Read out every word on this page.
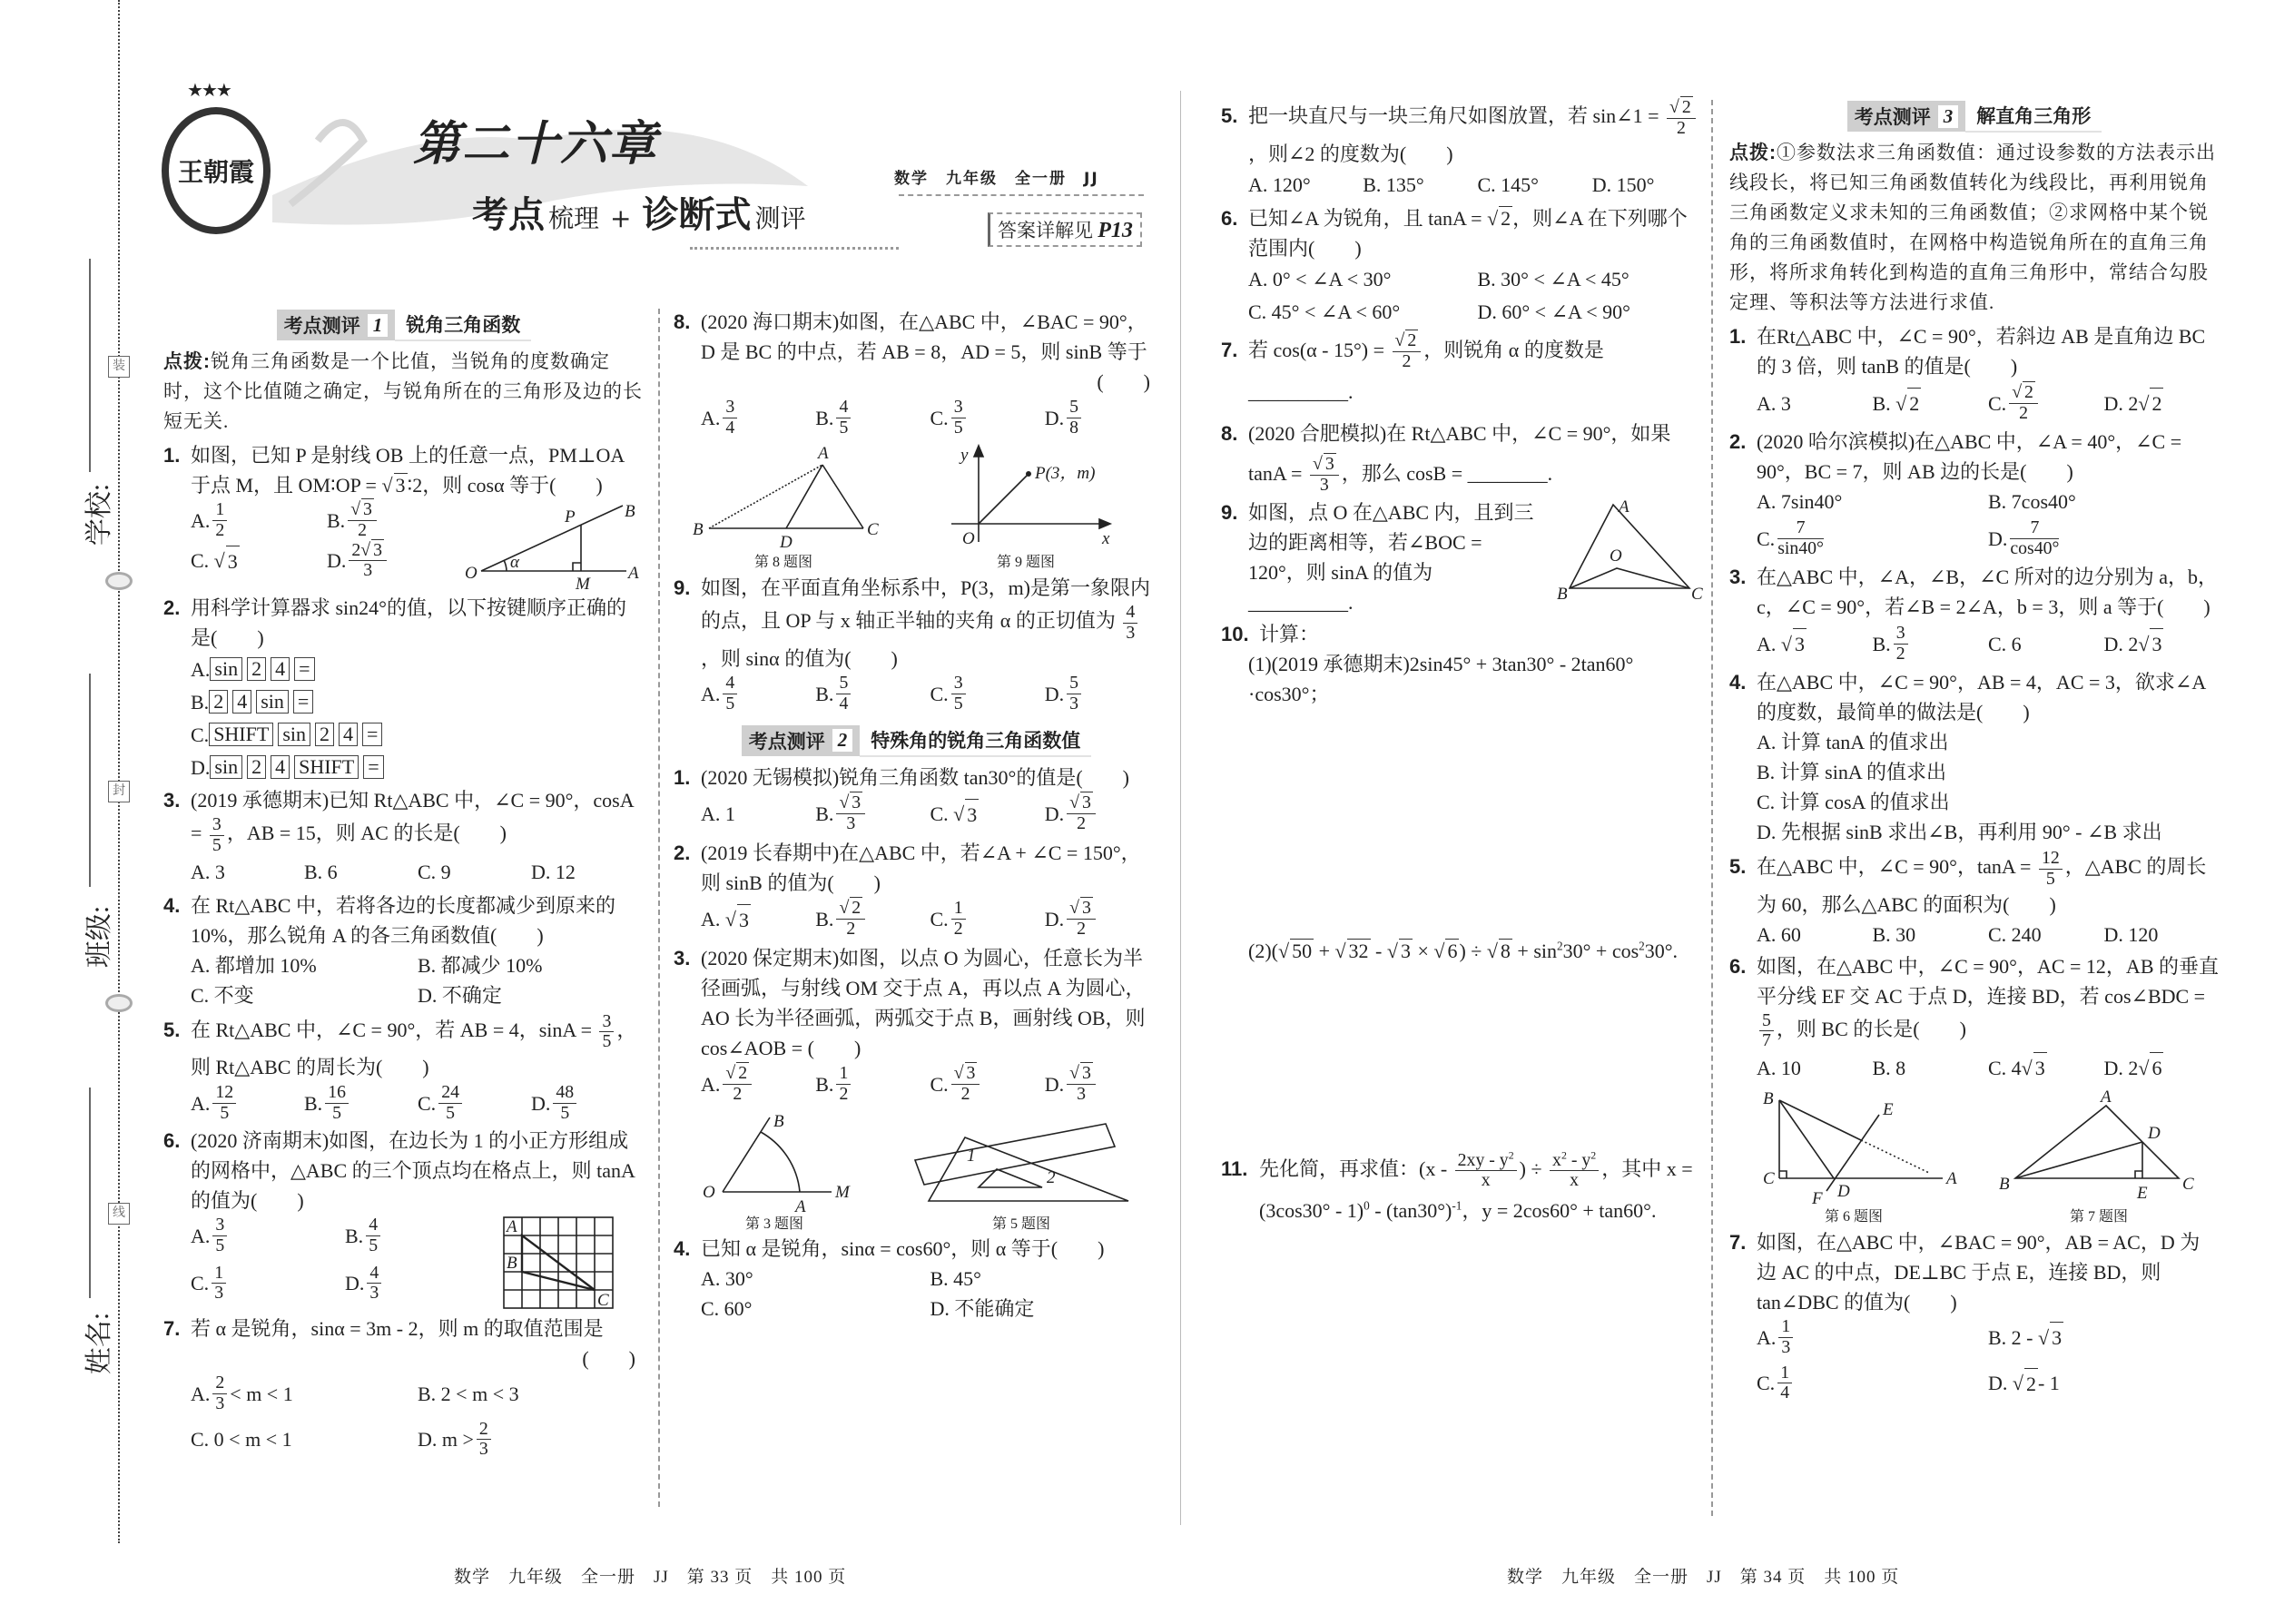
学校:
班级:
姓名:
装
封
线
★★★
王朝霞
第二十六章
考点 梳理 + 诊断式 测评
数学　九年级　全一册　JJ
答案详解见 P13
考点测评 1	锐角三角函数
点拨:锐角三角函数是一个比值，当锐角的度数确定时，这个比值随之确定，与锐角所在的三角形及边的长短无关.
1. 如图，已知 P 是射线 OB 上的任意一点，PM⊥OA 于点 M，且 OM∶OP = √ 3∶2，则 cosα 等于(　　)
A. $\frac{1}{2}$	B. $\frac{√ 3}{2}$
C. √ 3	D. $\frac{2√ 3}{3}$	O	A
M
P	B
α
2. 用科学计算器求 sin24°的值，以下按键顺序正确的是(　　)
A. sin 2 4 =
B. 2 4 sin =
C. SHIFT sin 2 4 =
D. sin 2 4 SHIFT =
3. (2019 承德期末)已知 Rt△ABC 中，∠C = 90°，$\cos A = \frac{3}{5}$ ，AB = 15，则 AC 的长是(　　)
A. 3	B. 6	C. 9	D. 12
4. 在 Rt△ABC 中，若将各边的长度都减少到原来的10%，那么锐角 A 的各三角函数值(　　)
A. 都增加 10%	B. 都减少 10%
C. 不变	D. 不确定
5. 在 Rt△ABC 中，∠C = 90°，若 AB = 4，$\sin A = \frac{3}{5}$ ，则 Rt△ABC 的周长为(　　)
A. $\frac{12}{5}$	B. $\frac{16}{5}$	C. $\frac{24}{5}$	D. $\frac{48}{5}$
6. (2020 济南期末)如图，在边长为 1 的小正方形组成的网格中，△ABC 的三个顶点均在格点上，则 tanA 的值为(　　)
A. $\frac{3}{5}$	B. $\frac{4}{5}$
C. $\frac{1}{3}$	D. $\frac{4}{3}$
A
B
C
7. 若 α 是锐角，sinα = 3m - 2，则 m 的取值范围是
(　　)
A. $\frac{2}{3} < m < 1$	B. 2 < m < 3
C. 0 < m < 1	D. $m > \frac{2}{3}$
8. (2020 海口期末)如图，在△ABC 中，∠BAC = 90°，D 是 BC 的中点，若 AB = 8，AD = 5，则 sinB 等于
(　　)
A. $\frac{3}{4}$	B. $\frac{4}{5}$	C. $\frac{3}{5}$	D. $\frac{5}{8}$
A
B	C
D
第 8 题图
y
x
O
P(3，m)
第 9 题图
9. 如图，在平面直角坐标系中，P(3，m)是第一象限内的点，且 OP 与 x 轴正半轴的夹角 α 的正切值为 $\frac{4}{3}$
，则 sinα 的值为(　　)
A. $\frac{4}{5}$	B. $\frac{5}{4}$	C. $\frac{3}{5}$	D. $\frac{5}{3}$
考点测评 2	特殊角的锐角三角函数值
1. (2020 无锡模拟)锐角三角函数 tan30°的值是(　　)
A. 1	B. $\frac{√ 3}{3}$	C. √ 3	D. $\frac{√ 3}{2}$
2. (2019 长春期中)在△ABC 中，若∠A + ∠C = 150°，则 sinB 的值为(　　)
A. √ 3	B. $\frac{√ 2}{2}$	C. $\frac{1}{2}$	D. $\frac{√ 3}{2}$
3. (2020 保定期末)如图，以点 O 为圆心，任意长为半径画弧，与射线 OM 交于点 A，再以点 A 为圆心，AO 长为半径画弧，两弧交于点 B，画射线 OB，则 cos∠AOB = (　　)
A. $\frac{√ 2}{2}$	B. $\frac{1}{2}$	C. $\frac{√ 3}{2}$	D. $\frac{√ 3}{3}$
O	M
A
B
第 3 题图
1
2
第 5 题图
4. 已知 α 是锐角，sinα = cos60°，则 α 等于(　　)
A. 30°	B. 45°
C. 60°	D. 不能确定
5. 把一块直尺与一块三角尺如图放置，若 sin∠1 = $\frac{√ 2}{2}$
，则∠2 的度数为(　　)
A. 120°	B. 135°	C. 145°	D. 150°
6. 已知∠A 为锐角，且 tanA = √ 2，则∠A 在下列哪个范围内(　　)
A. 0° < ∠A < 30°	B. 30° < ∠A < 45°
C. 45° < ∠A < 60°	D. 60° < ∠A < 90°
7. 若 $\cos(\alpha - 15^\circ) = \frac{√ 2}{2}$ ，则锐角 α 的度数是 __________.
8. (2020 合肥模拟)在 Rt△ABC 中，∠C = 90°，如果 $\tan A = \frac{√ 3}{3}$ ，那么 cosB = ________.
9. 如图，点 O 在△ABC 内，且到三边的距离相等，若∠BOC = 120°，则 sinA 的值为 __________.
A
B	C
O
10. 计算：
(1)(2019 承德期末)2sin45° + 3tan30° - 2tan60° ·cos30°；
(2)(√ 50 + √ 32 - √ 3 × √ 6) ÷ √ $8 + \sin^230^\circ + \cos^230^\circ$.
11. 先化简，再求值：($x - \frac{2xy - y^2}{x}$ ) ÷ $\frac{x^2 - y^2}{x}$ ，其中 $x = (3\cos 30^\circ - 1)^0 - (\tan 30^\circ)^{-1}$，y = 2cos60° + tan60°.
考点测评 3	解直角三角形
点拨:①参数法求三角函数值：通过设参数的方法表示出线段长，将已知三角函数值转化为线段比，再利用锐角三角函数定义求未知的三角函数值；②求网格中某个锐角的三角函数值时，在网格中构造锐角所在的直角三角形，将所求角转化到构造的直角三角形中，常结合勾股定理、等积法等方法进行求值.
1. 在Rt△ABC 中，∠C = 90°，若斜边 AB 是直角边 BC 的 3 倍，则 tanB 的值是(　　)
A. 3	B. √ 2	C. $\frac{√ 2}{2}$	D. 2√ 2
2. (2020 哈尔滨模拟)在△ABC 中，∠A = 40°，∠C = 90°，BC = 7，则 AB 边的长是(　　)
A. 7sin40°	B. 7cos40°
C. $\frac{7}{\sin 40^\circ}$	D. $\frac{7}{\cos 40^\circ}$
3. 在△ABC 中，∠A，∠B，∠C 所对的边分别为 a，b，c，∠C = 90°，若∠B = 2∠A，b = 3，则 a 等于(　　)
A. √ 3	B. $\frac{3}{2}$	C. 6	D. 2√ 3
4. 在△ABC 中，∠C = 90°，AB = 4，AC = 3，欲求∠A 的度数，最简单的做法是(　　)
A. 计算 tanA 的值求出
B. 计算 sinA 的值求出
C. 计算 cosA 的值求出
D. 先根据 sinB 求出∠B，再利用 90° - ∠B 求出
5. 在△ABC 中，∠C = 90°，$\tan A = \frac{12}{5}$ ，△ABC 的周长为 60，那么△ABC 的面积为(　　)
A. 60	B. 30	C. 240	D. 120
6. 如图，在△ABC 中，∠C = 90°，AC = 12，AB 的垂直平分线 EF 交 AC 于点 D，连接 BD，若 cos∠BDC =
$\frac{5}{7}$ ，则 BC 的长是(　　)
A. 10	B. 8	C. 4√ 3	D. 2√ 6
B
C	A
D
E
F
第 6 题图
A
B	C
D
E
第 7 题图
7. 如图，在△ABC 中，∠BAC = 90°，AB = AC，D 为边 AC 的中点，DE⊥BC 于点 E，连接 BD，则 tan∠DBC 的值为(　　)
A. $\frac{1}{3}$	B. 2 - √ 3
C. $\frac{1}{4}$	D. √ 2 - 1
数学　九年级　全一册　JJ　第 33 页　共 100 页	数学　九年级　全一册　JJ　第 34 页　共 100 页
